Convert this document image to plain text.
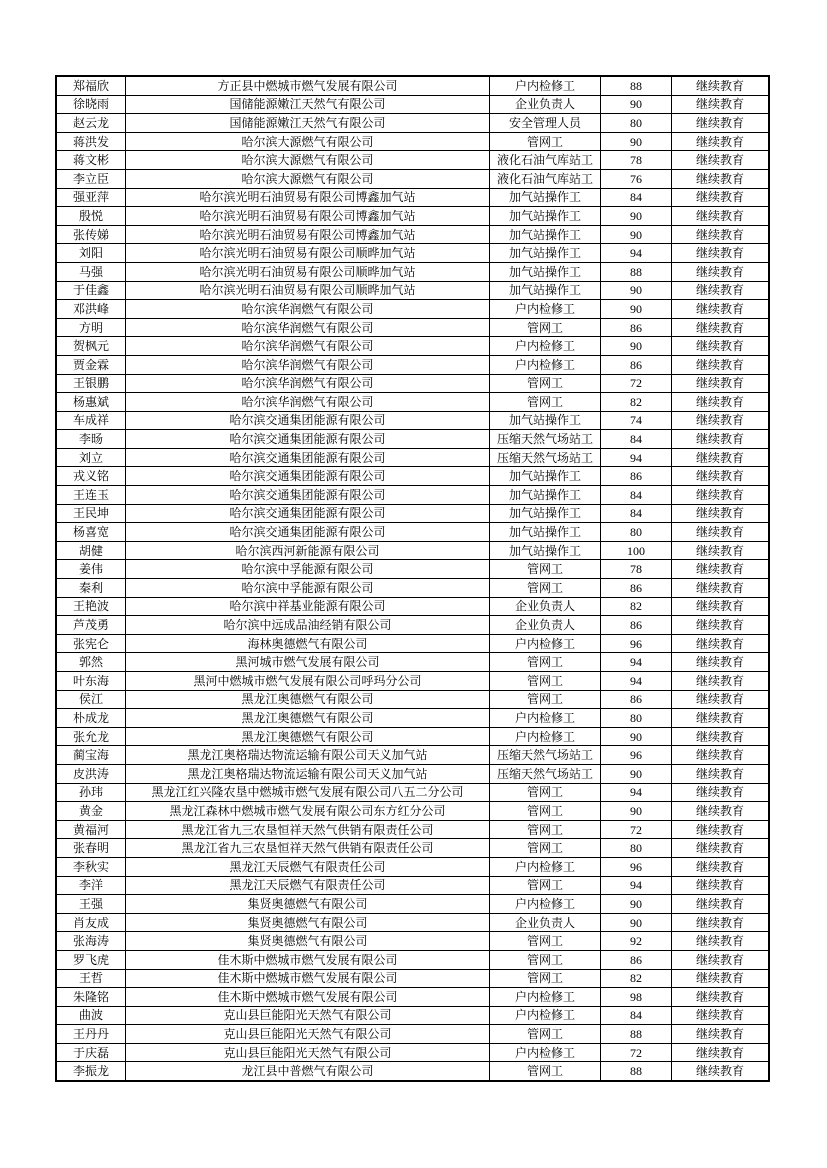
郑福欣	方正县中燃城市燃气发展有限公司	户内检修工	88	继续教育
徐晓雨	国储能源嫩江天然气有限公司	企业负责人	90	继续教育
赵云龙	国储能源嫩江天然气有限公司	安全管理人员	80	继续教育
蒋洪发	哈尔滨大源燃气有限公司	管网工	90	继续教育
蒋文彬	哈尔滨大源燃气有限公司	液化石油气库站工	78	继续教育
李立臣	哈尔滨大源燃气有限公司	液化石油气库站工	76	继续教育
强亚萍	哈尔滨光明石油贸易有限公司博鑫加气站	加气站操作工	84	继续教育
殷悦	哈尔滨光明石油贸易有限公司博鑫加气站	加气站操作工	90	继续教育
张传娣	哈尔滨光明石油贸易有限公司博鑫加气站	加气站操作工	90	继续教育
刘阳	哈尔滨光明石油贸易有限公司顺晔加气站	加气站操作工	94	继续教育
马强	哈尔滨光明石油贸易有限公司顺晔加气站	加气站操作工	88	继续教育
于佳鑫	哈尔滨光明石油贸易有限公司顺晔加气站	加气站操作工	90	继续教育
邓洪峰	哈尔滨华润燃气有限公司	户内检修工	90	继续教育
方明	哈尔滨华润燃气有限公司	管网工	86	继续教育
贺枫元	哈尔滨华润燃气有限公司	户内检修工	90	继续教育
贾金霖	哈尔滨华润燃气有限公司	户内检修工	86	继续教育
王银鹏	哈尔滨华润燃气有限公司	管网工	72	继续教育
杨惠斌	哈尔滨华润燃气有限公司	管网工	82	继续教育
车成祥	哈尔滨交通集团能源有限公司	加气站操作工	74	继续教育
李旸	哈尔滨交通集团能源有限公司	压缩天然气场站工	84	继续教育
刘立	哈尔滨交通集团能源有限公司	压缩天然气场站工	94	继续教育
戎义铭	哈尔滨交通集团能源有限公司	加气站操作工	86	继续教育
王连玉	哈尔滨交通集团能源有限公司	加气站操作工	84	继续教育
王民坤	哈尔滨交通集团能源有限公司	加气站操作工	84	继续教育
杨喜宽	哈尔滨交通集团能源有限公司	加气站操作工	80	继续教育
胡健	哈尔滨西河新能源有限公司	加气站操作工	100	继续教育
姜伟	哈尔滨中孚能源有限公司	管网工	78	继续教育
秦利	哈尔滨中孚能源有限公司	管网工	86	继续教育
王艳波	哈尔滨中祥基业能源有限公司	企业负责人	82	继续教育
芦茂勇	哈尔滨中远成品油经销有限公司	企业负责人	86	继续教育
张宪仑	海林奥德燃气有限公司	户内检修工	96	继续教育
郭然	黑河城市燃气发展有限公司	管网工	94	继续教育
叶东海	黑河中燃城市燃气发展有限公司呼玛分公司	管网工	94	继续教育
侯江	黑龙江奥德燃气有限公司	管网工	86	继续教育
朴成龙	黑龙江奥德燃气有限公司	户内检修工	80	继续教育
张允龙	黑龙江奥德燃气有限公司	户内检修工	90	继续教育
蔺宝海	黑龙江奥格瑞达物流运输有限公司天义加气站	压缩天然气场站工	96	继续教育
皮洪涛	黑龙江奥格瑞达物流运输有限公司天义加气站	压缩天然气场站工	90	继续教育
孙玮	黑龙江红兴隆农垦中燃城市燃气发展有限公司八五二分公司	管网工	94	继续教育
黄金	黑龙江森林中燃城市燃气发展有限公司东方红分公司	管网工	90	继续教育
黄福河	黑龙江省九三农垦恒祥天然气供销有限责任公司	管网工	72	继续教育
张春明	黑龙江省九三农垦恒祥天然气供销有限责任公司	管网工	80	继续教育
李秋实	黑龙江天辰燃气有限责任公司	户内检修工	96	继续教育
李洋	黑龙江天辰燃气有限责任公司	管网工	94	继续教育
王强	集贤奥德燃气有限公司	户内检修工	90	继续教育
肖友成	集贤奥德燃气有限公司	企业负责人	90	继续教育
张海涛	集贤奥德燃气有限公司	管网工	92	继续教育
罗飞虎	佳木斯中燃城市燃气发展有限公司	管网工	86	继续教育
王哲	佳木斯中燃城市燃气发展有限公司	管网工	82	继续教育
朱隆铭	佳木斯中燃城市燃气发展有限公司	户内检修工	98	继续教育
曲波	克山县巨能阳光天然气有限公司	户内检修工	84	继续教育
王丹丹	克山县巨能阳光天然气有限公司	管网工	88	继续教育
于庆磊	克山县巨能阳光天然气有限公司	户内检修工	72	继续教育
李振龙	龙江县中普燃气有限公司	管网工	88	继续教育
